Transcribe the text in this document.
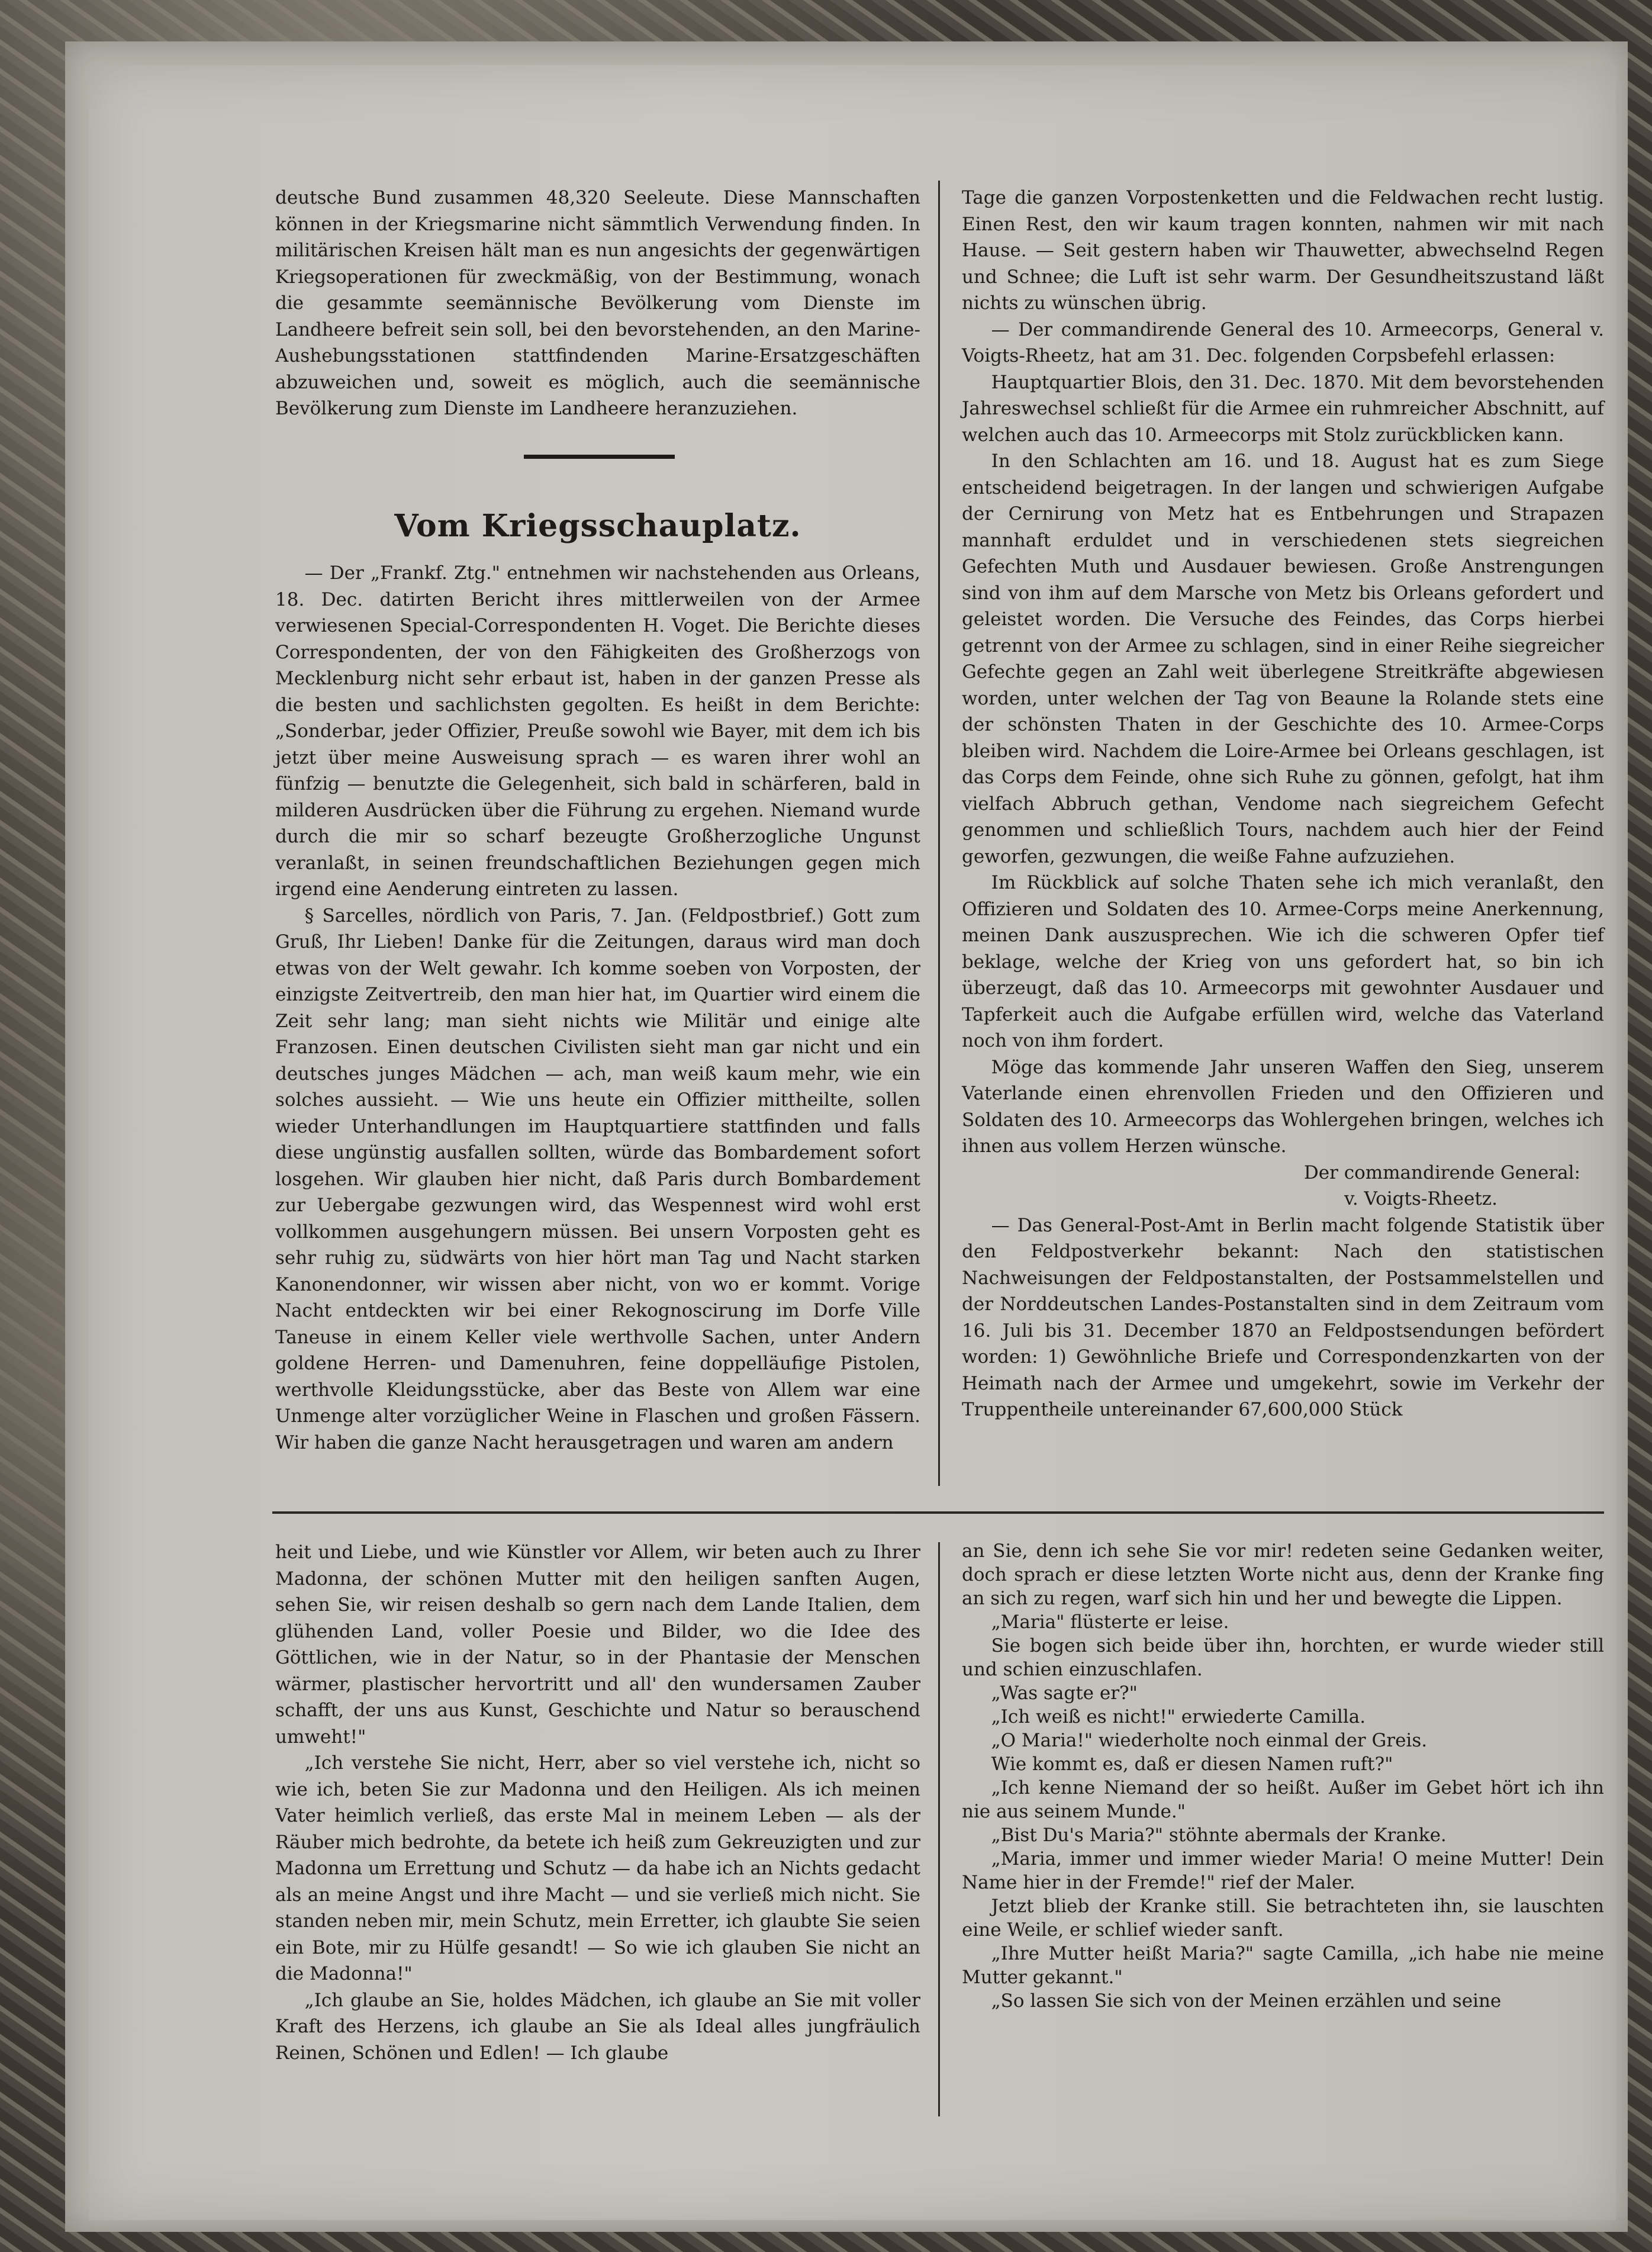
deutsche Bund zusammen 48,320 Seeleute. Diese Mannschaften können in der Kriegsmarine nicht sämmtlich Verwendung finden. In militärischen Kreisen hält man es nun angesichts der gegenwärtigen Kriegsoperationen für zweckmäßig, von der Bestimmung, wonach die gesammte seemännische Bevölkerung vom Dienste im Landheere befreit sein soll, bei den bevorstehenden, an den Marine-Aushebungsstationen stattfindenden Marine-Ersatzgeschäften abzuweichen und, soweit es möglich, auch die seemännische Bevölkerung zum Dienste im Landheere heranzuziehen.

Vom Kriegsschauplatz.

— Der „Frankf. Ztg." entnehmen wir nachstehenden aus Orleans, 18. Dec. datirten Bericht ihres mittlerweilen von der Armee verwiesenen Special-Correspondenten H. Voget. Die Berichte dieses Correspondenten, der von den Fähigkeiten des Großherzogs von Mecklenburg nicht sehr erbaut ist, haben in der ganzen Presse als die besten und sachlichsten gegolten. Es heißt in dem Berichte: „Sonderbar, jeder Offizier, Preuße sowohl wie Bayer, mit dem ich bis jetzt über meine Ausweisung sprach — es waren ihrer wohl an fünfzig — benutzte die Gelegenheit, sich bald in schärferen, bald in milderen Ausdrücken über die Führung zu ergehen. Niemand wurde durch die mir so scharf bezeugte Großherzogliche Ungunst veranlaßt, in seinen freundschaftlichen Beziehungen gegen mich irgend eine Aenderung eintreten zu lassen.

§ Sarcelles, nördlich von Paris, 7. Jan. (Feldpostbrief.) Gott zum Gruß, Ihr Lieben! Danke für die Zeitungen, daraus wird man doch etwas von der Welt gewahr. Ich komme soeben von Vorposten, der einzigste Zeitvertreib, den man hier hat, im Quartier wird einem die Zeit sehr lang; man sieht nichts wie Militär und einige alte Franzosen. Einen deutschen Civilisten sieht man gar nicht und ein deutsches junges Mädchen — ach, man weiß kaum mehr, wie ein solches aussieht. — Wie uns heute ein Offizier mittheilte, sollen wieder Unterhandlungen im Hauptquartiere stattfinden und falls diese ungünstig ausfallen sollten, würde das Bombardement sofort losgehen. Wir glauben hier nicht, daß Paris durch Bombardement zur Uebergabe gezwungen wird, das Wespennest wird wohl erst vollkommen ausgehungern müssen. Bei unsern Vorposten geht es sehr ruhig zu, südwärts von hier hört man Tag und Nacht starken Kanonendonner, wir wissen aber nicht, von wo er kommt. Vorige Nacht entdeckten wir bei einer Rekognoscirung im Dorfe Ville Taneuse in einem Keller viele werthvolle Sachen, unter Andern goldene Herren- und Damenuhren, feine doppelläufige Pistolen, werthvolle Kleidungsstücke, aber das Beste von Allem war eine Unmenge alter vorzüglicher Weine in Flaschen und großen Fässern. Wir haben die ganze Nacht herausgetragen und waren am andern

Tage die ganzen Vorpostenketten und die Feldwachen recht lustig. Einen Rest, den wir kaum tragen konnten, nahmen wir mit nach Hause. — Seit gestern haben wir Thauwetter, abwechselnd Regen und Schnee; die Luft ist sehr warm. Der Gesundheitszustand läßt nichts zu wünschen übrig.

— Der commandirende General des 10. Armeecorps, General v. Voigts-Rheetz, hat am 31. Dec. folgenden Corpsbefehl erlassen:

Hauptquartier Blois, den 31. Dec. 1870. Mit dem bevorstehenden Jahreswechsel schließt für die Armee ein ruhmreicher Abschnitt, auf welchen auch das 10. Armeecorps mit Stolz zurückblicken kann.

In den Schlachten am 16. und 18. August hat es zum Siege entscheidend beigetragen. In der langen und schwierigen Aufgabe der Cernirung von Metz hat es Entbehrungen und Strapazen mannhaft erduldet und in verschiedenen stets siegreichen Gefechten Muth und Ausdauer bewiesen. Große Anstrengungen sind von ihm auf dem Marsche von Metz bis Orleans gefordert und geleistet worden. Die Versuche des Feindes, das Corps hierbei getrennt von der Armee zu schlagen, sind in einer Reihe siegreicher Gefechte gegen an Zahl weit überlegene Streitkräfte abgewiesen worden, unter welchen der Tag von Beaune la Rolande stets eine der schönsten Thaten in der Geschichte des 10. Armee-Corps bleiben wird. Nachdem die Loire-Armee bei Orleans geschlagen, ist das Corps dem Feinde, ohne sich Ruhe zu gönnen, gefolgt, hat ihm vielfach Abbruch gethan, Vendome nach siegreichem Gefecht genommen und schließlich Tours, nachdem auch hier der Feind geworfen, gezwungen, die weiße Fahne aufzuziehen.

Im Rückblick auf solche Thaten sehe ich mich veranlaßt, den Offizieren und Soldaten des 10. Armee-Corps meine Anerkennung, meinen Dank auszusprechen. Wie ich die schweren Opfer tief beklage, welche der Krieg von uns gefordert hat, so bin ich überzeugt, daß das 10. Armeecorps mit gewohnter Ausdauer und Tapferkeit auch die Aufgabe erfüllen wird, welche das Vaterland noch von ihm fordert.

Möge das kommende Jahr unseren Waffen den Sieg, unserem Vaterlande einen ehrenvollen Frieden und den Offizieren und Soldaten des 10. Armeecorps das Wohlergehen bringen, welches ich ihnen aus vollem Herzen wünsche.

Der commandirende General:

v. Voigts-Rheetz.

— Das General-Post-Amt in Berlin macht folgende Statistik über den Feldpostverkehr bekannt: Nach den statistischen Nachweisungen der Feldpostanstalten, der Postsammelstellen und der Norddeutschen Landes-Postanstalten sind in dem Zeitraum vom 16. Juli bis 31. December 1870 an Feldpostsendungen befördert worden: 1) Gewöhnliche Briefe und Correspondenzkarten von der Heimath nach der Armee und umgekehrt, sowie im Verkehr der Truppentheile untereinander 67,600,000 Stück

heit und Liebe, und wie Künstler vor Allem, wir beten auch zu Ihrer Madonna, der schönen Mutter mit den heiligen sanften Augen, sehen Sie, wir reisen deshalb so gern nach dem Lande Italien, dem glühenden Land, voller Poesie und Bilder, wo die Idee des Göttlichen, wie in der Natur, so in der Phantasie der Menschen wärmer, plastischer hervortritt und all' den wundersamen Zauber schafft, der uns aus Kunst, Geschichte und Natur so berauschend umweht!"

„Ich verstehe Sie nicht, Herr, aber so viel verstehe ich, nicht so wie ich, beten Sie zur Madonna und den Heiligen. Als ich meinen Vater heimlich verließ, das erste Mal in meinem Leben — als der Räuber mich bedrohte, da betete ich heiß zum Gekreuzigten und zur Madonna um Errettung und Schutz — da habe ich an Nichts gedacht als an meine Angst und ihre Macht — und sie verließ mich nicht. Sie standen neben mir, mein Schutz, mein Erretter, ich glaubte Sie seien ein Bote, mir zu Hülfe gesandt! — So wie ich glauben Sie nicht an die Madonna!"

„Ich glaube an Sie, holdes Mädchen, ich glaube an Sie mit voller Kraft des Herzens, ich glaube an Sie als Ideal alles jungfräulich Reinen, Schönen und Edlen! — Ich glaube

an Sie, denn ich sehe Sie vor mir! redeten seine Gedanken weiter, doch sprach er diese letzten Worte nicht aus, denn der Kranke fing an sich zu regen, warf sich hin und her und bewegte die Lippen.

„Maria" flüsterte er leise.

Sie bogen sich beide über ihn, horchten, er wurde wieder still und schien einzuschlafen.

„Was sagte er?"

„Ich weiß es nicht!" erwiederte Camilla.

„O Maria!" wiederholte noch einmal der Greis.

Wie kommt es, daß er diesen Namen ruft?"

„Ich kenne Niemand der so heißt. Außer im Gebet hört ich ihn nie aus seinem Munde."

„Bist Du's Maria?" stöhnte abermals der Kranke.

„Maria, immer und immer wieder Maria! O meine Mutter! Dein Name hier in der Fremde!" rief der Maler.

Jetzt blieb der Kranke still. Sie betrachteten ihn, sie lauschten eine Weile, er schlief wieder sanft.

„Ihre Mutter heißt Maria?" sagte Camilla, „ich habe nie meine Mutter gekannt."

„So lassen Sie sich von der Meinen erzählen und seine
